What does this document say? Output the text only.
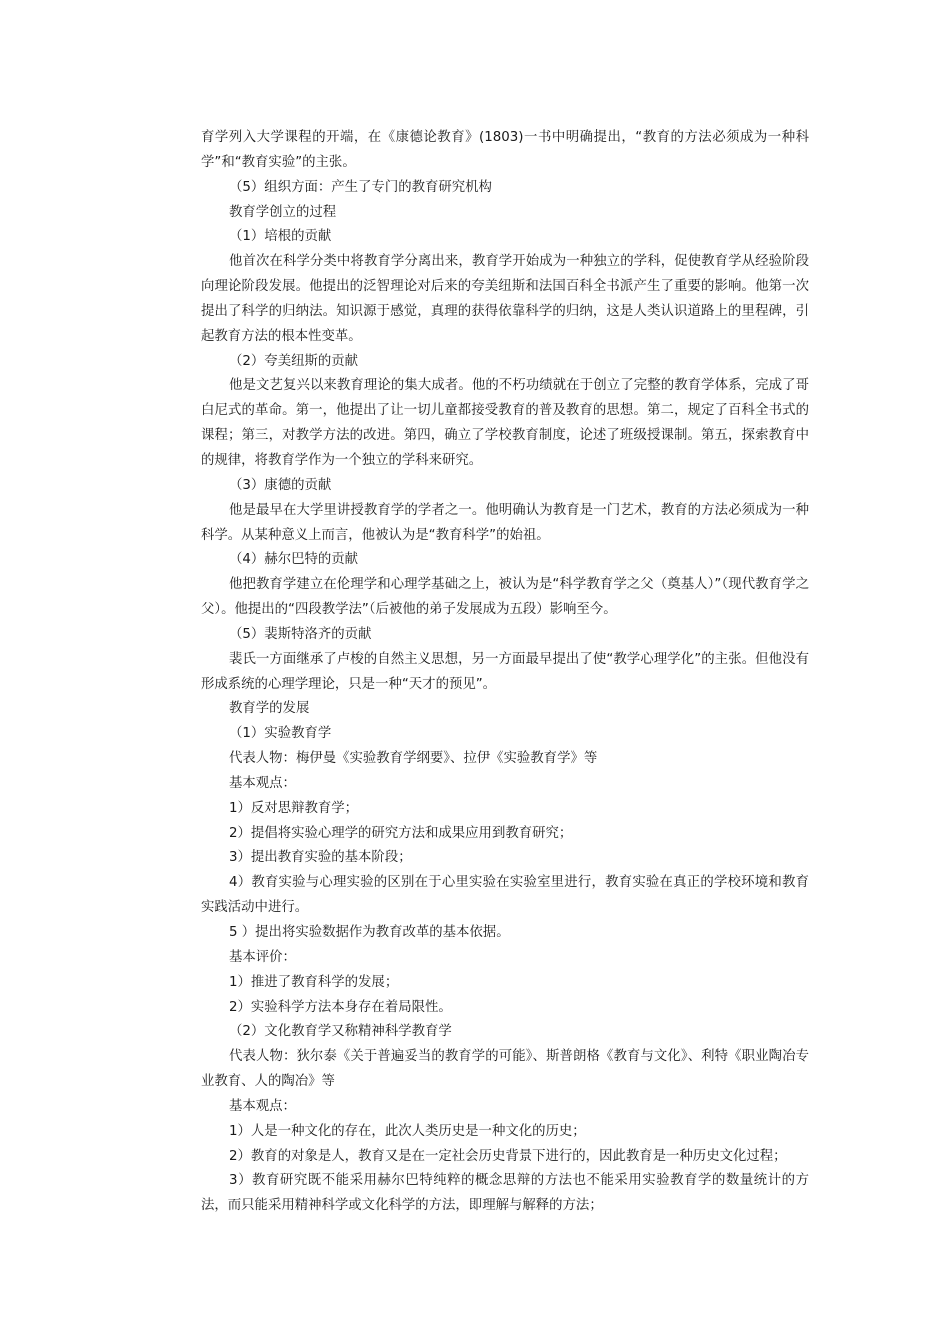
育学列入大学课程的开端，在《康德论教育》(1803)一书中明确提出，“教育的方法必须成为一种科学”和“教育实验”的主张。

（5）组织方面：产生了专门的教育研究机构

教育学创立的过程

（1）培根的贡献

他首次在科学分类中将教育学分离出来，教育学开始成为一种独立的学科，促使教育学从经验阶段向理论阶段发展。他提出的泛智理论对后来的夸美纽斯和法国百科全书派产生了重要的影响。他第一次提出了科学的归纳法。知识源于感觉，真理的获得依靠科学的归纳，这是人类认识道路上的里程碑，引起教育方法的根本性变革。

（2）夸美纽斯的贡献

他是文艺复兴以来教育理论的集大成者。他的不朽功绩就在于创立了完整的教育学体系，完成了哥白尼式的革命。第一，他提出了让一切儿童都接受教育的普及教育的思想。第二，规定了百科全书式的课程；第三，对教学方法的改进。第四，确立了学校教育制度，论述了班级授课制。第五，探索教育中的规律，将教育学作为一个独立的学科来研究。

（3）康德的贡献

他是最早在大学里讲授教育学的学者之一。他明确认为教育是一门艺术，教育的方法必须成为一种科学。从某种意义上而言，他被认为是“教育科学”的始祖。

（4）赫尔巴特的贡献

他把教育学建立在伦理学和心理学基础之上，被认为是“科学教育学之父（奠基人）”（现代教育学之父）。他提出的“四段教学法”（后被他的弟子发展成为五段）影响至今。

（5）裴斯特洛齐的贡献

裴氏一方面继承了卢梭的自然主义思想，另一方面最早提出了使“教学心理学化”的主张。但他没有形成系统的心理学理论，只是一种“天才的预见”。

教育学的发展

（1）实验教育学

代表人物：梅伊曼《实验教育学纲要》、拉伊《实验教育学》等

基本观点：

1）反对思辩教育学；

2）提倡将实验心理学的研究方法和成果应用到教育研究；

3）提出教育实验的基本阶段；

4）教育实验与心理实验的区别在于心里实验在实验室里进行，教育实验在真正的学校环境和教育实践活动中进行。

5 ）提出将实验数据作为教育改革的基本依据。

基本评价：

1）推进了教育科学的发展；

2）实验科学方法本身存在着局限性。

（2）文化教育学又称精神科学教育学

代表人物：狄尔泰《关于普遍妥当的教育学的可能》、斯普朗格《教育与文化》、利特《职业陶冶专业教育、人的陶冶》等

基本观点：

1）人是一种文化的存在，此次人类历史是一种文化的历史；

2）教育的对象是人，教育又是在一定社会历史背景下进行的，因此教育是一种历史文化过程；

3）教育研究既不能采用赫尔巴特纯粹的概念思辩的方法也不能采用实验教育学的数量统计的方法，而只能采用精神科学或文化科学的方法，即理解与解释的方法；
